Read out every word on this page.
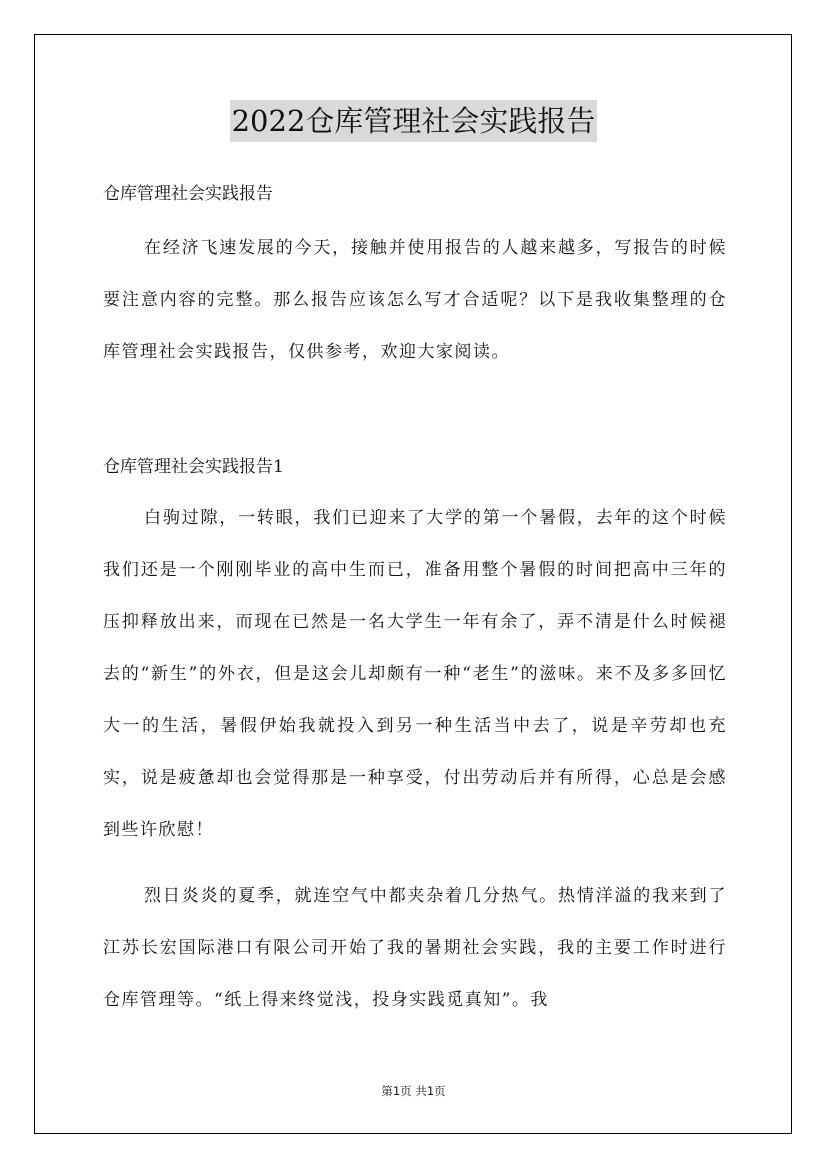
2022仓库管理社会实践报告
仓库管理社会实践报告

在经济飞速发展的今天，接触并使用报告的人越来越多，写报告的时候要注意内容的完整。那么报告应该怎么写才合适呢？以下是我收集整理的仓库管理社会实践报告，仅供参考，欢迎大家阅读。

仓库管理社会实践报告1

白驹过隙，一转眼，我们已迎来了大学的第一个暑假，去年的这个时候我们还是一个刚刚毕业的高中生而已，准备用整个暑假的时间把高中三年的压抑释放出来，而现在已然是一名大学生一年有余了，弄不清是什么时候褪去的“新生”的外衣，但是这会儿却颇有一种“老生”的滋味。来不及多多回忆大一的生活，暑假伊始我就投入到另一种生活当中去了，说是辛劳却也充实，说是疲惫却也会觉得那是一种享受，付出劳动后并有所得，心总是会感到些许欣慰！

烈日炎炎的夏季，就连空气中都夹杂着几分热气。热情洋溢的我来到了江苏长宏国际港口有限公司开始了我的暑期社会实践，我的主要工作时进行仓库管理等。“纸上得来终觉浅，投身实践觅真知”。我

第1页 共1页
